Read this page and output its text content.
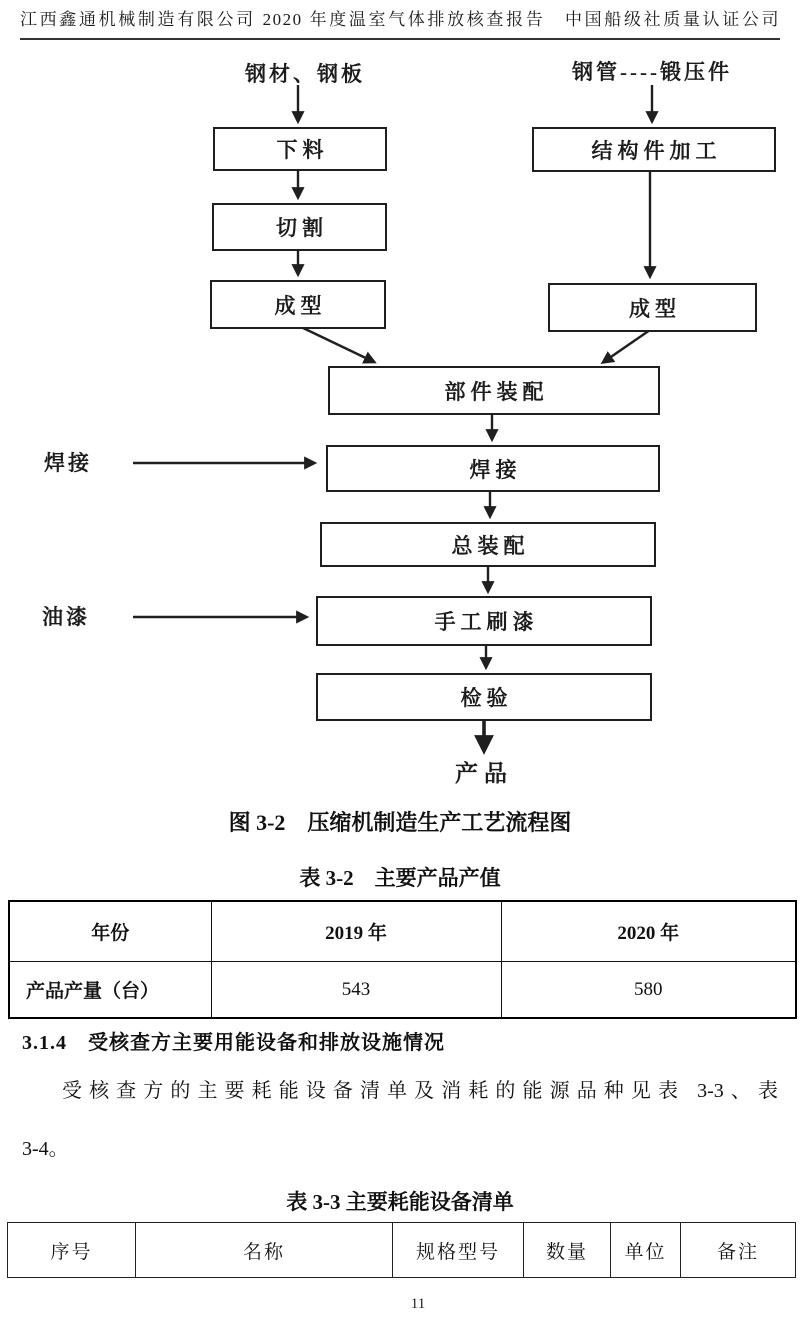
江西鑫通机械制造有限公司 2020 年度温室气体排放核查报告　中国船级社质量认证公司
钢材、钢板	钢管----锻压件
下料	结构件加工
切割
成型	成型
部件装配
焊接
总装配
手工刷漆
检验
焊接
油漆
产品
图 3-2　压缩机制造生产工艺流程图
表 3-2　主要产品产值
年份	2019 年	2020 年
产品产量（台）	543	580
3.1.4　受核查方主要用能设备和排放设施情况
受核查方的主要耗能设备清单及消耗的能源品种见表 3-3、表
3-4。
表 3-3 主要耗能设备清单
序号	名称	规格型号	数量	单位	备注
11
